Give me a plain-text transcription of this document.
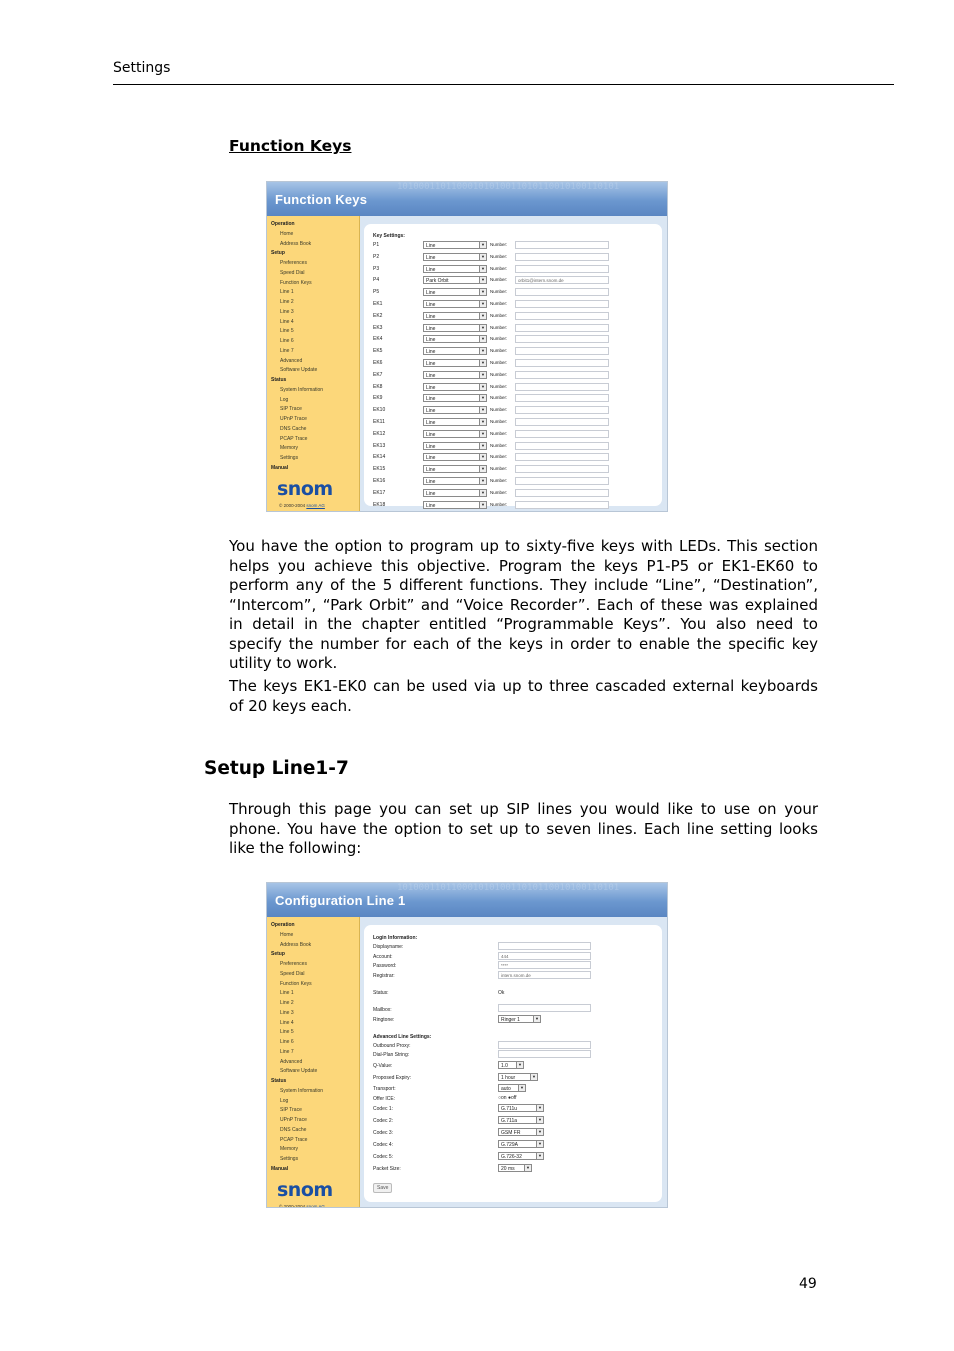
Settings
Function Keys
10100011011000101010011010110010100110101
Function Keys
Operation
Home
Address Book
Setup
Preferences
Speed Dial
Function Keys
Line 1
Line 2
Line 3
Line 4
Line 5
Line 6
Line 7
Advanced
Software Update
Status
System Information
Log
SIP Trace
UPnP Trace
DNS Cache
PCAP Trace
Memory
Settings
Manual
snom
© 2000-2004 snom AG
Key Settings:
P1	Line	▼ Number:
P2	Line	▼ Number:
P3	Line	▼ Number:
P4	Park Orbit	▼ Number:	orbit1@intern.snom.de
P5	Line	▼ Number:
EK1	Line	▼ Number:
EK2	Line	▼ Number:
EK3	Line	▼ Number:
EK4	Line	▼ Number:
EK5	Line	▼ Number:
EK6	Line	▼ Number:
EK7	Line	▼ Number:
EK8	Line	▼ Number:
EK9	Line	▼ Number:
EK10	Line	▼ Number:
EK11	Line	▼ Number:
EK12	Line	▼ Number:
EK13	Line	▼ Number:
EK14	Line	▼ Number:
EK15	Line	▼ Number:
EK16	Line	▼ Number:
EK17	Line	▼ Number:
EK18	Line	▼ Number:

You have the option to program up to sixty-five keys with LEDs. This section helps you achieve this objective. Program the keys P1-P5 or EK1-EK60 to perform any of the 5 different functions. They include “Line”, “Destination”, “Intercom”, “Park Orbit” and “Voice Recorder”. Each of these was explained in detail in the chapter entitled “Programmable Keys”. You also need to specify the number for each of the keys in order to enable the specific key utility to work.

The keys EK1-EK0 can be used via up to three cascaded external keyboards of 20 keys each.

Setup Line1-7

Through this page you can set up SIP lines you would like to use on your phone. You have the option to set up to seven lines. Each line setting looks like the following:

10100011011000101010011010110010100110101
Configuration Line 1
Operation
Home
Address Book
Setup
Preferences
Speed Dial
Function Keys
Line 1
Line 2
Line 3
Line 4
Line 5
Line 6
Line 7
Advanced
Software Update
Status
System Information
Log
SIP Trace
UPnP Trace
DNS Cache
PCAP Trace
Memory
Settings
Manual
snom
© 2000-2004 snom AG
Login Information:
Displayname:
Account:	444
Password:	****
Registrar:	intern.snom.de
Status:	Ok
Mailbox:
Ringtone:	Ringer 1	▼
Advanced Line Settings:
Outbound Proxy:
Dial-Plan String:
Q-Value:	1.0	▼
Proposed Expiry:	1 hour	▼
Transport:	auto	▼
Offer ICE:	○on ●off
Codec 1:	G.711u	▼
Codec 2:	G.711a	▼
Codec 3:	GSM FR	▼
Codec 4:	G.729A	▼
Codec 5:	G.726-32	▼
Packet Size:	20 ms	▼
Save
49
